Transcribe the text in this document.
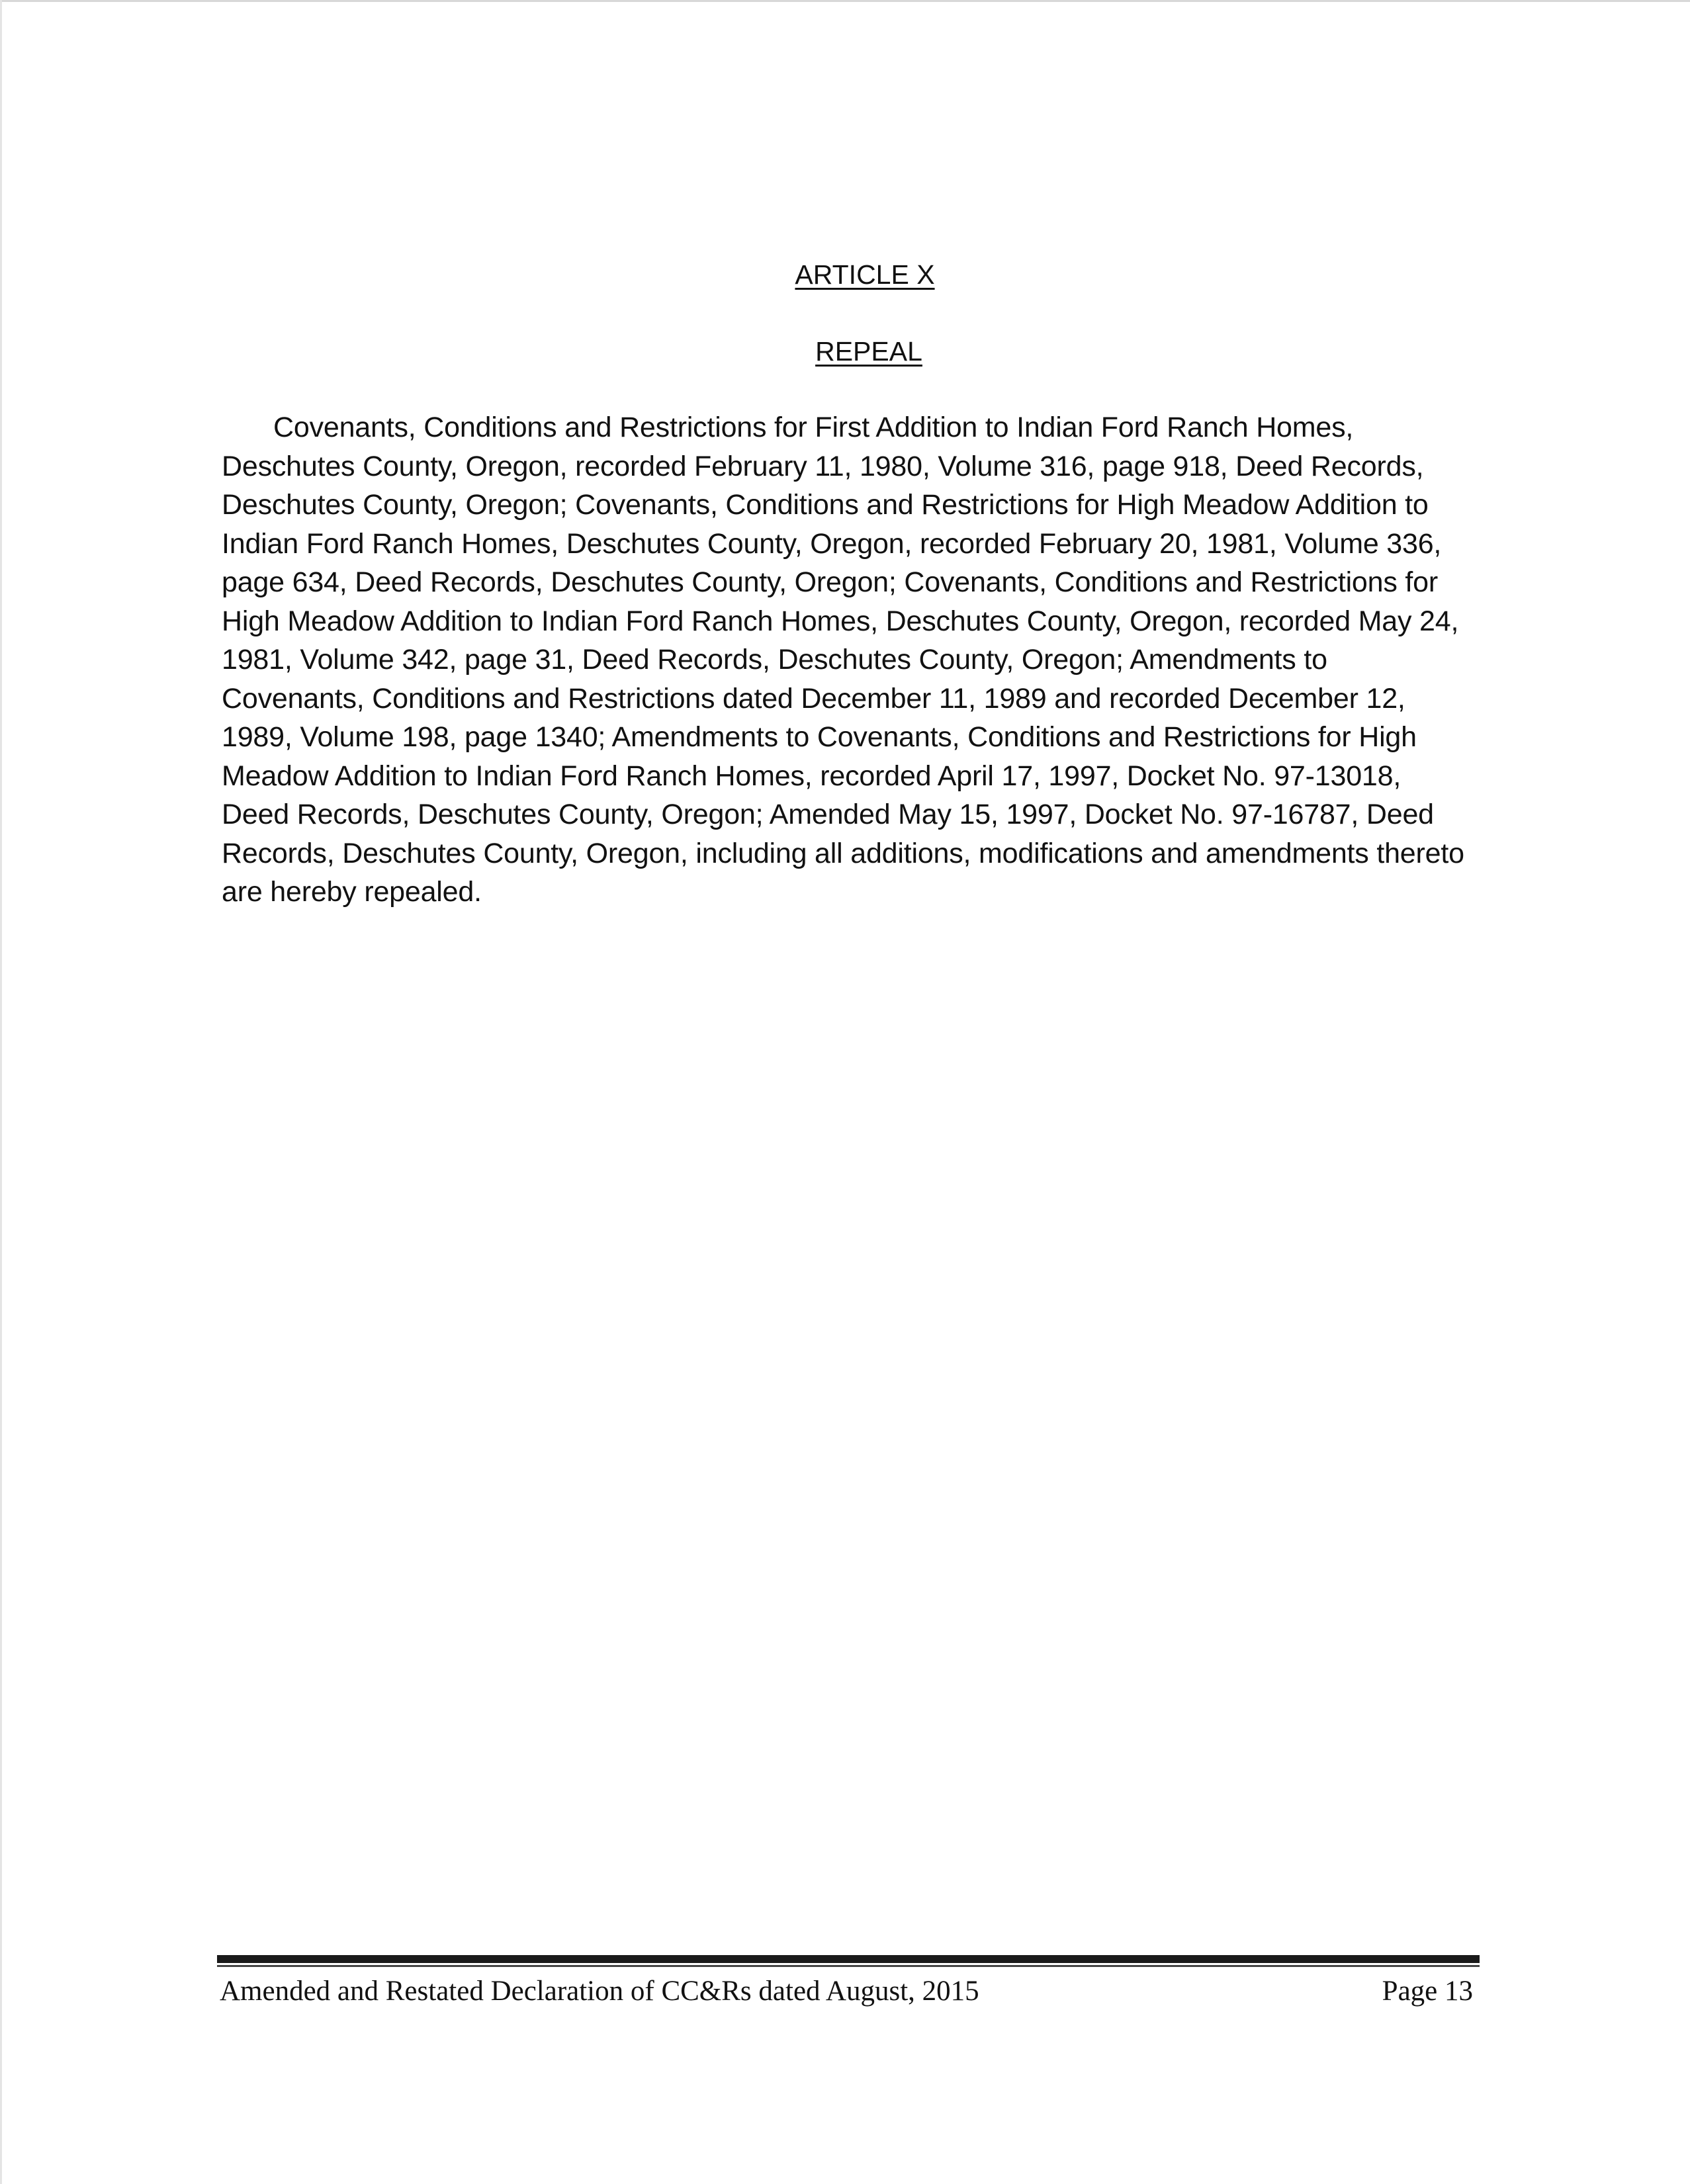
ARTICLE X
REPEAL

Covenants, Conditions and Restrictions for First Addition to Indian Ford Ranch Homes, Deschutes County, Oregon, recorded February 11, 1980, Volume 316, page 918, Deed Records, Deschutes County, Oregon; Covenants, Conditions and Restrictions for High Meadow Addition to Indian Ford Ranch Homes, Deschutes County, Oregon, recorded February 20, 1981, Volume 336, page 634, Deed Records, Deschutes County, Oregon; Covenants, Conditions and Restrictions for High Meadow Addition to Indian Ford Ranch Homes, Deschutes County, Oregon, recorded May 24, 1981, Volume 342, page 31, Deed Records, Deschutes County, Oregon; Amendments to Covenants, Conditions and Restrictions dated December 11, 1989 and recorded December 12, 1989, Volume 198, page 1340; Amendments to Covenants, Conditions and Restrictions for High Meadow Addition to Indian Ford Ranch Homes, recorded April 17, 1997, Docket No. 97-13018, Deed Records, Deschutes County, Oregon; Amended May 15, 1997, Docket No. 97-16787, Deed Records, Deschutes County, Oregon, including all additions, modifications and amendments thereto are hereby repealed.

Amended and Restated Declaration of CC&Rs dated August, 2015	Page 13
